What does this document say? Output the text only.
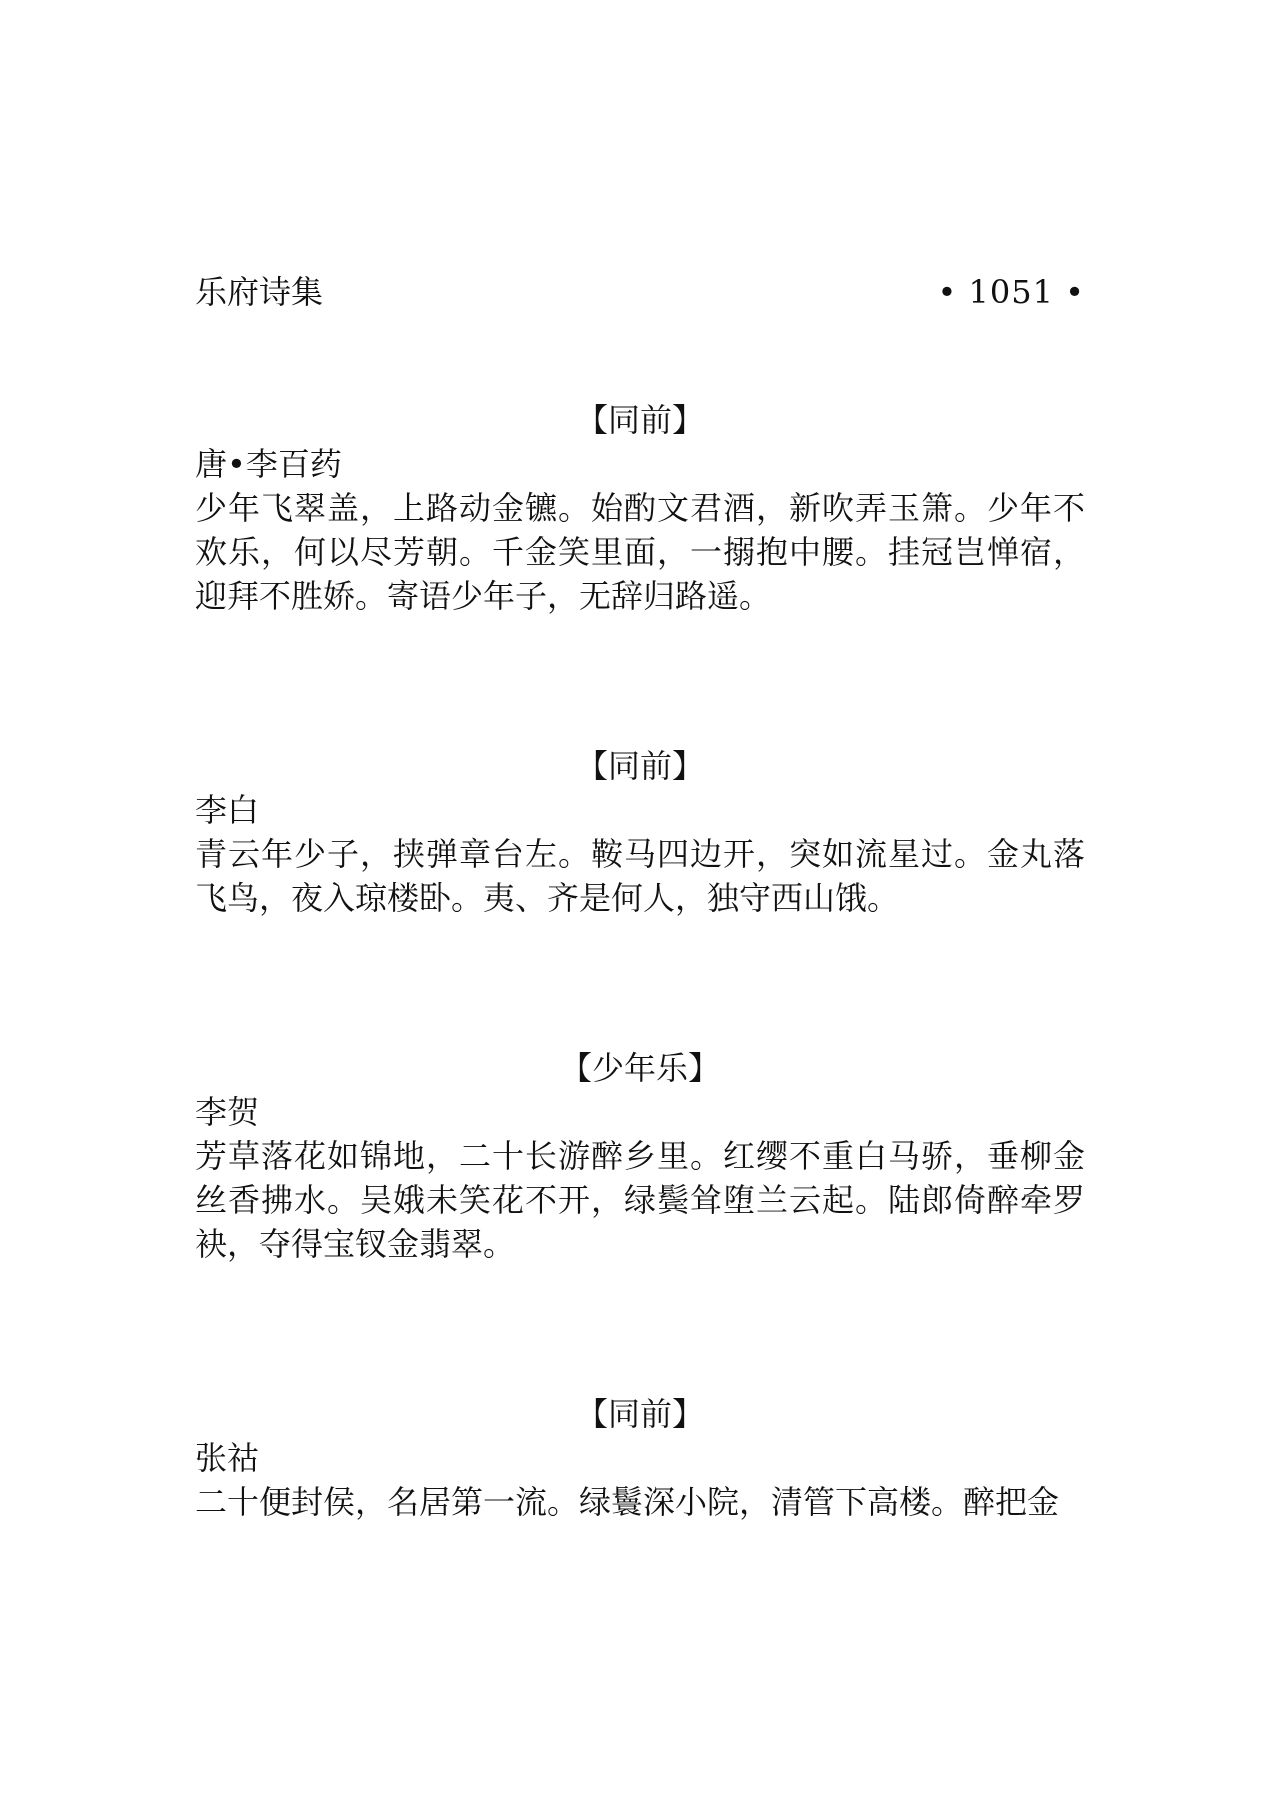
乐府诗集	• 1051 •
【同前】
唐•李百药
少年飞翠盖，上路动金镳。始酌文君酒，新吹弄玉箫。少年不欢乐，何以尽芳朝。千金笑里面，一搦抱中腰。挂冠岂惮宿，迎拜不胜娇。寄语少年子，无辞归路遥。
【同前】
李白
青云年少子，挟弹章台左。鞍马四边开，突如流星过。金丸落飞鸟，夜入琼楼卧。夷、齐是何人，独守西山饿。
【少年乐】
李贺
芳草落花如锦地，二十长游醉乡里。红缨不重白马骄，垂柳金丝香拂水。吴娥未笑花不开，绿鬓耸堕兰云起。陆郎倚醉牵罗袂，夺得宝钗金翡翠。
【同前】
张祜
二十便封侯，名居第一流。绿鬟深小院，清管下高楼。醉把金
